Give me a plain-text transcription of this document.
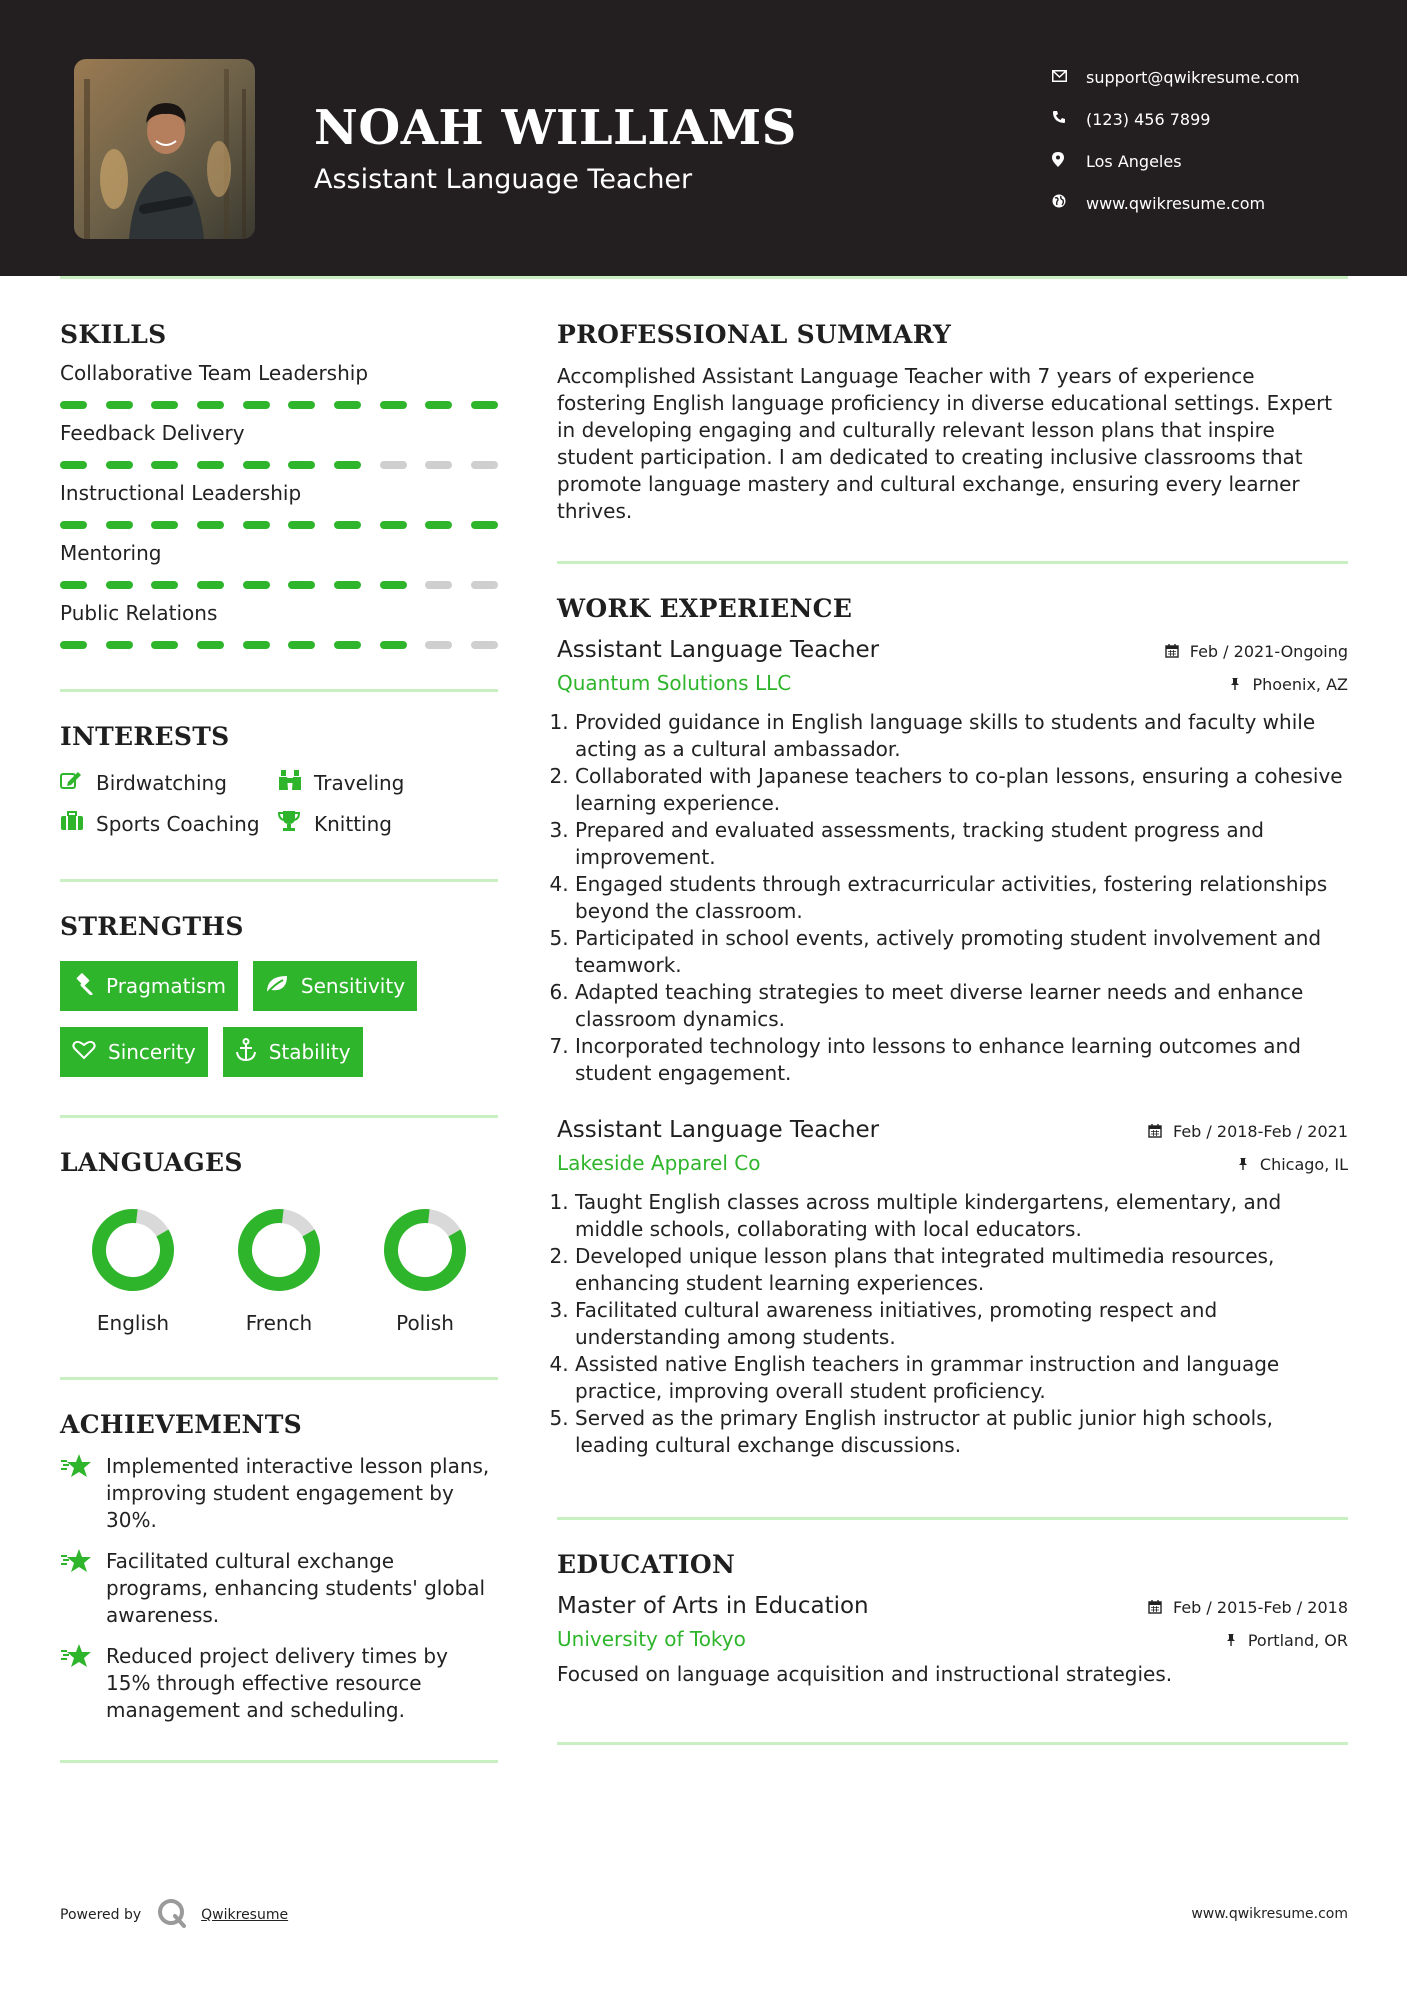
NOAH WILLIAMS
Assistant Language Teacher
support@qwikresume.com
(123) 456 7899
Los Angeles
www.qwikresume.com
SKILLS
Collaborative Team Leadership
Feedback Delivery
Instructional Leadership
Mentoring
Public Relations
INTERESTS
Birdwatching	Traveling
Sports Coaching	Knitting
STRENGTHS
Pragmatism	Sensitivity
Sincerity	Stability
LANGUAGES
English	French	Polish
ACHIEVEMENTS
Implemented interactive lesson plans, improving student engagement by 30%.
Facilitated cultural exchange programs, enhancing students' global awareness.
Reduced project delivery times by 15% through effective resource management and scheduling.
PROFESSIONAL SUMMARY
Accomplished Assistant Language Teacher with 7 years of experience fostering English language proficiency in diverse educational settings. Expert in developing engaging and culturally relevant lesson plans that inspire student participation. I am dedicated to creating inclusive classrooms that promote language mastery and cultural exchange, ensuring every learner thrives.
WORK EXPERIENCE
Assistant Language Teacher	Feb / 2021-Ongoing
Quantum Solutions LLC	Phoenix, AZ
1. Provided guidance in English language skills to students and faculty while acting as a cultural ambassador.
2. Collaborated with Japanese teachers to co-plan lessons, ensuring a cohesive learning experience.
3. Prepared and evaluated assessments, tracking student progress and improvement.
4. Engaged students through extracurricular activities, fostering relationships beyond the classroom.
5. Participated in school events, actively promoting student involvement and teamwork.
6. Adapted teaching strategies to meet diverse learner needs and enhance classroom dynamics.
7. Incorporated technology into lessons to enhance learning outcomes and student engagement.
Assistant Language Teacher	Feb / 2018-Feb / 2021
Lakeside Apparel Co	Chicago, IL
1. Taught English classes across multiple kindergartens, elementary, and middle schools, collaborating with local educators.
2. Developed unique lesson plans that integrated multimedia resources, enhancing student learning experiences.
3. Facilitated cultural awareness initiatives, promoting respect and understanding among students.
4. Assisted native English teachers in grammar instruction and language practice, improving overall student proficiency.
5. Served as the primary English instructor at public junior high schools, leading cultural exchange discussions.
EDUCATION
Master of Arts in Education	Feb / 2015-Feb / 2018
University of Tokyo	Portland, OR
Focused on language acquisition and instructional strategies.
Powered by	Qwikresume	www.qwikresume.com
